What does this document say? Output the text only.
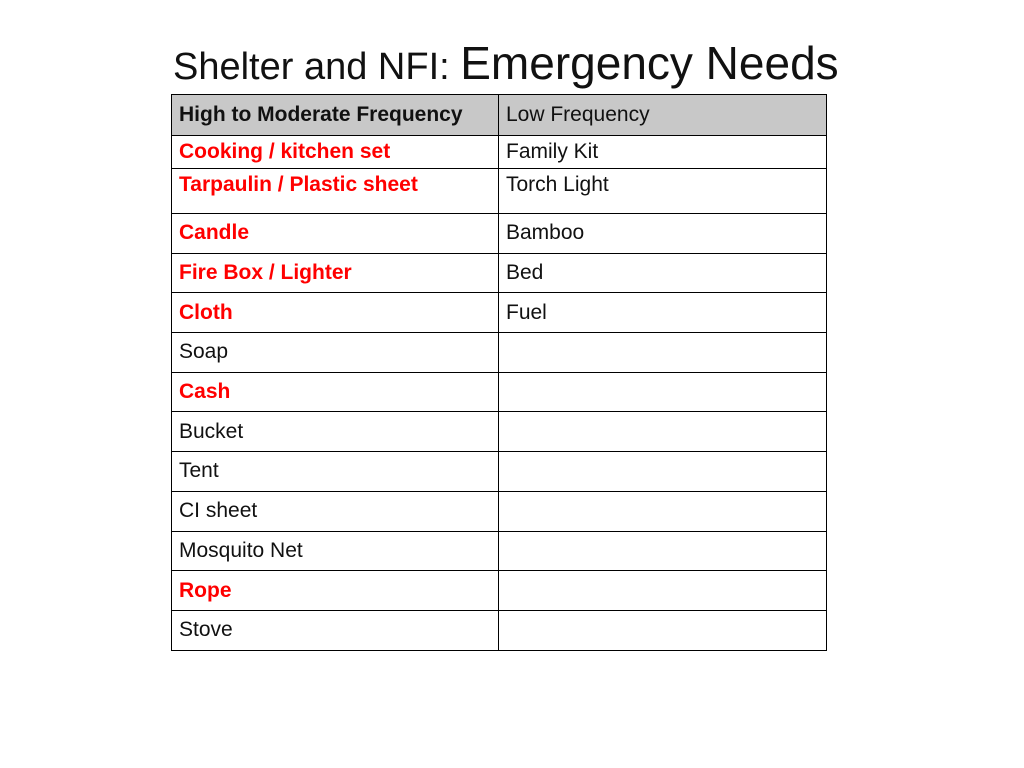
Shelter and NFI: Emergency Needs
High to Moderate Frequency	Low Frequency
Cooking / kitchen set	Family Kit
Tarpaulin / Plastic sheet	Torch Light
Candle	Bamboo
Fire Box / Lighter	Bed
Cloth	Fuel
Soap	
Cash	
Bucket	
Tent	
CI sheet	
Mosquito Net	
Rope	
Stove	
